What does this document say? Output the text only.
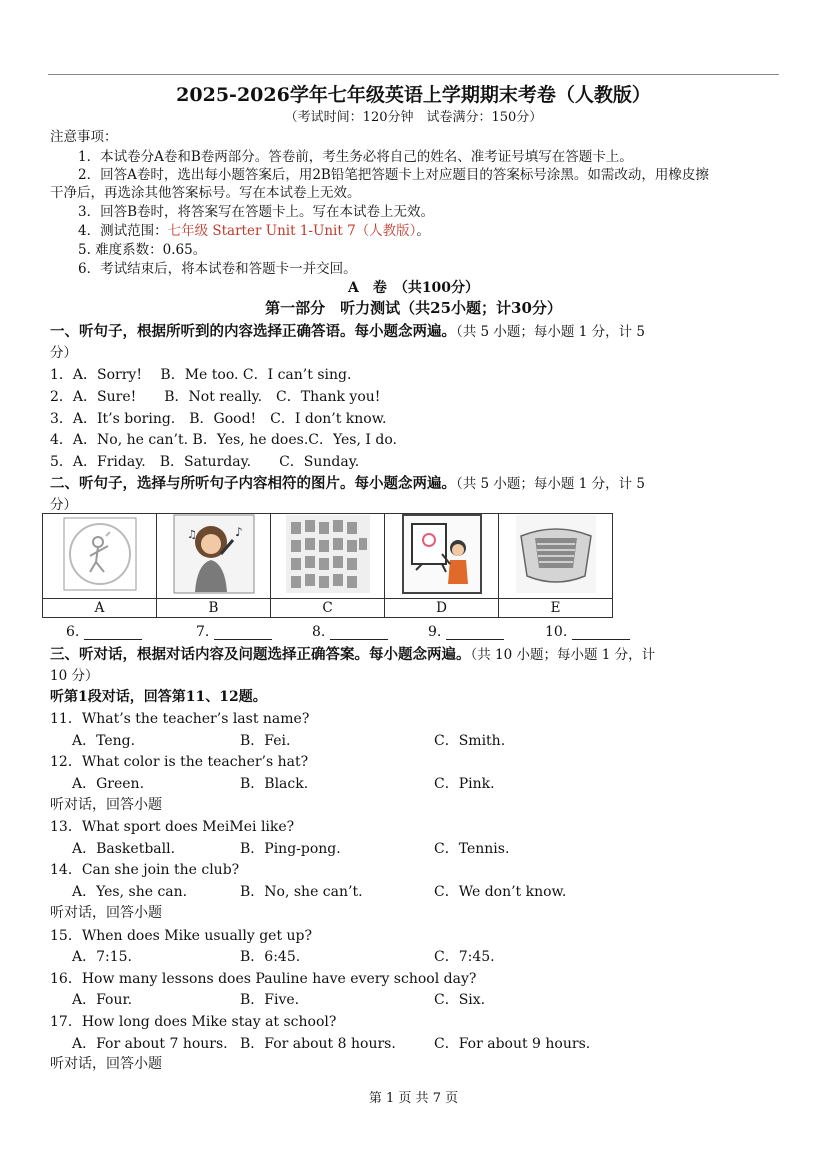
2025-2026学年七年级英语上学期期末考卷（人教版）
（考试时间：120分钟　试卷满分：150分）
注意事项：
1．本试卷分A卷和B卷两部分。答卷前，考生务必将自己的姓名、准考证号填写在答题卡上。
2．回答A卷时，选出每小题答案后，用2B铅笔把答题卡上对应题目的答案标号涂黑。如需改动，用橡皮擦
干净后，再选涂其他答案标号。写在本试卷上无效。
3．回答B卷时，将答案写在答题卡上。写在本试卷上无效。
4．测试范围：七年级 Starter Unit 1-Unit 7（人教版）。
5. 难度系数：0.65。
6．考试结束后，将本试卷和答题卡一并交回。
A　卷　（共100分）
第一部分　听力测试（共25小题；计30分）
一、听句子，根据所听到的内容选择正确答语。每小题念两遍。（共 5 小题；每小题 1 分，计 5
分）
1．A．Sorry!　 B．Me too. C．I can’t sing.
2．A．Sure!　　B．Not really.　C．Thank you!
3．A．It’s boring.　B．Good!　C．I don’t know.
4．A．No, he can’t. B．Yes, he does.C．Yes, I do.
5．A．Friday.　B．Saturday.　　C．Sunday.
二、听句子，选择与所听句子内容相符的图片。每小题念两遍。（共 5 小题；每小题 1 分，计 5
分）

♪
♫

A	B	C	D	E
6.	7.	8.	9.	10.
三、听对话，根据对话内容及问题选择正确答案。每小题念两遍。（共 10 小题；每小题 1 分，计
10 分）
听第1段对话，回答第11、12题。
11．What’s the teacher’s last name?
A．Teng.	B．Fei.	C．Smith.
12．What color is the teacher’s hat?
A．Green.	B．Black.	C．Pink.
听对话，回答小题
13．What sport does MeiMei like?
A．Basketball.	B．Ping-pong.	C．Tennis.
14．Can she join the club?
A．Yes, she can.	B．No, she can’t.	C．We don’t know.
听对话，回答小题
15．When does Mike usually get up?
A．7:15.	B．6:45.	C．7:45.
16．How many lessons does Pauline have every school day?
A．Four.	B．Five.	C．Six.
17．How long does Mike stay at school?
A．For about 7 hours. B．For about 8 hours.	C．For about 9 hours.
听对话，回答小题
第 1 页 共 7 页
